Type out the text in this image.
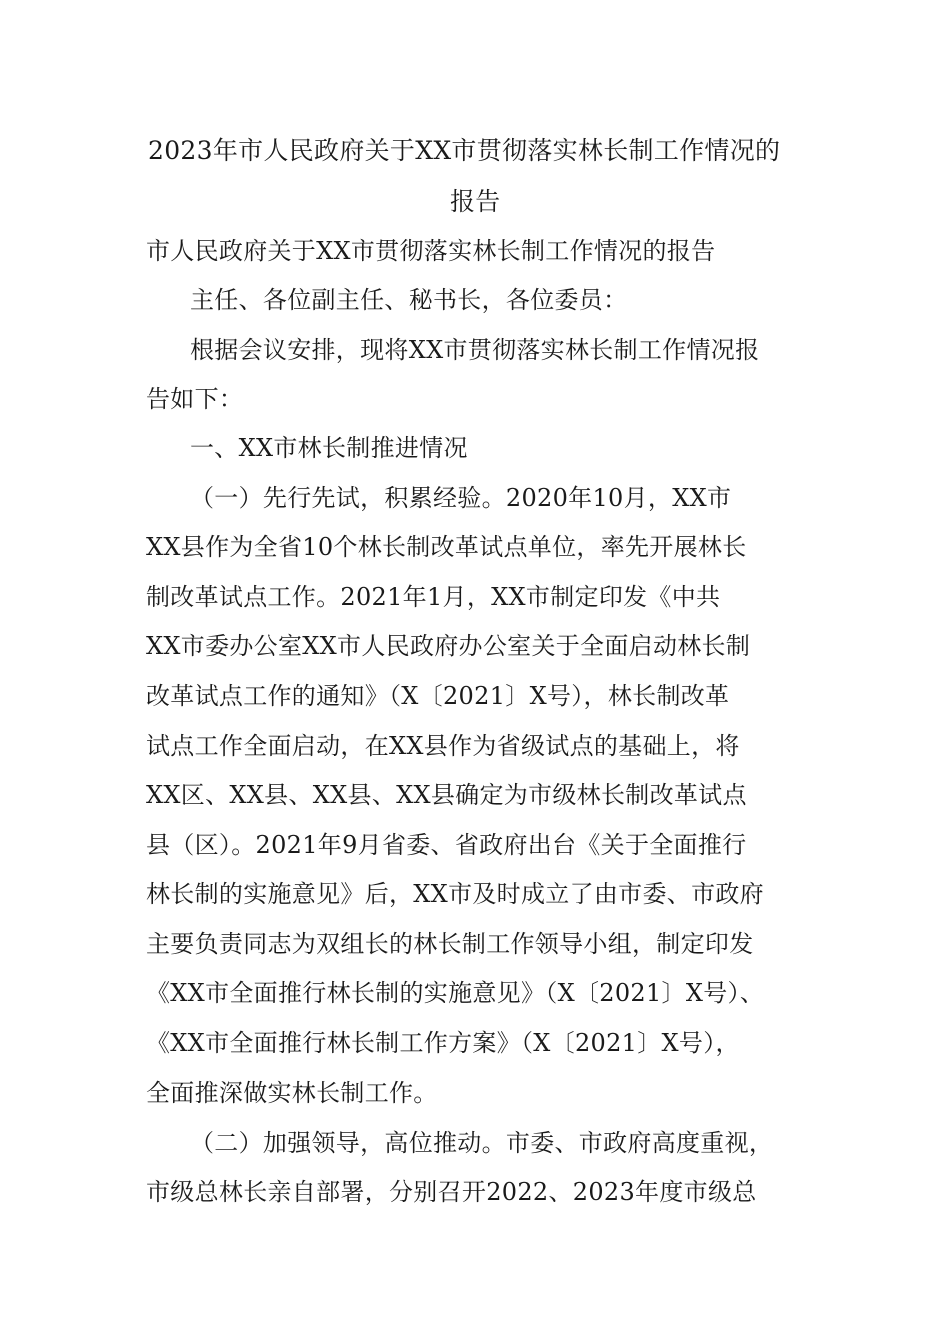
2023年市人民政府关于XX市贯彻落实林长制工作情况的
报告
市人民政府关于XX市贯彻落实林长制工作情况的报告
主任、各位副主任、秘书长，各位委员：
根据会议安排，现将XX市贯彻落实林长制工作情况报
告如下：
一、XX市林长制推进情况
（一）先行先试，积累经验。2020年10月，XX市
XX县作为全省10个林长制改革试点单位，率先开展林长
制改革试点工作。2021年1月，XX市制定印发《中共
XX市委办公室XX市人民政府办公室关于全面启动林长制
改革试点工作的通知》（X〔2021〕X号），林长制改革
试点工作全面启动，在XX县作为省级试点的基础上，将
XX区、XX县、XX县、XX县确定为市级林长制改革试点
县（区）。2021年9月省委、省政府出台《关于全面推行
林长制的实施意见》后，XX市及时成立了由市委、市政府
主要负责同志为双组长的林长制工作领导小组，制定印发
《XX市全面推行林长制的实施意见》（X〔2021〕X号）、
《XX市全面推行林长制工作方案》（X〔2021〕X号），
全面推深做实林长制工作。
（二）加强领导，高位推动。市委、市政府高度重视，
市级总林长亲自部署，分别召开2022、2023年度市级总
